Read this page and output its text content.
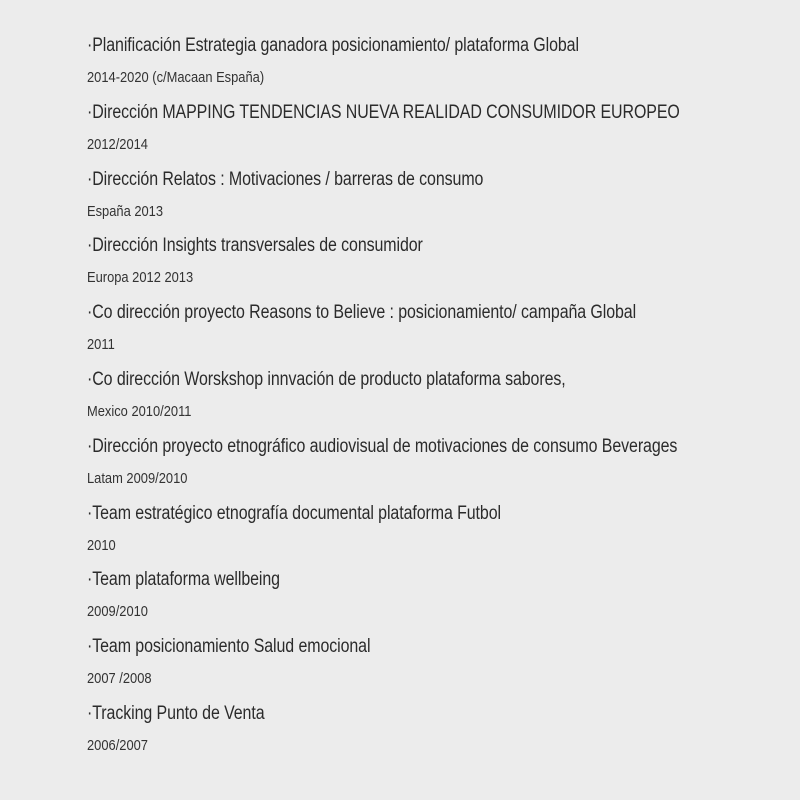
·Planificación Estrategia ganadora posicionamiento/ plataforma Global
2014-2020 (c/Macaan España)
·Dirección MAPPING TENDENCIAS NUEVA REALIDAD CONSUMIDOR EUROPEO
2012/2014
·Dirección Relatos : Motivaciones / barreras de consumo
España 2013
·Dirección Insights transversales de consumidor
Europa 2012 2013
·Co dirección proyecto Reasons to Believe : posicionamiento/ campaña Global
2011
·Co dirección Worskshop innvación de producto plataforma sabores,
Mexico 2010/2011
·Dirección proyecto etnográfico audiovisual de motivaciones de consumo Beverages
Latam 2009/2010
·Team estratégico etnografía documental plataforma Futbol
2010
·Team plataforma wellbeing
2009/2010
·Team posicionamiento Salud emocional
2007 /2008
·Tracking Punto de Venta
2006/2007
